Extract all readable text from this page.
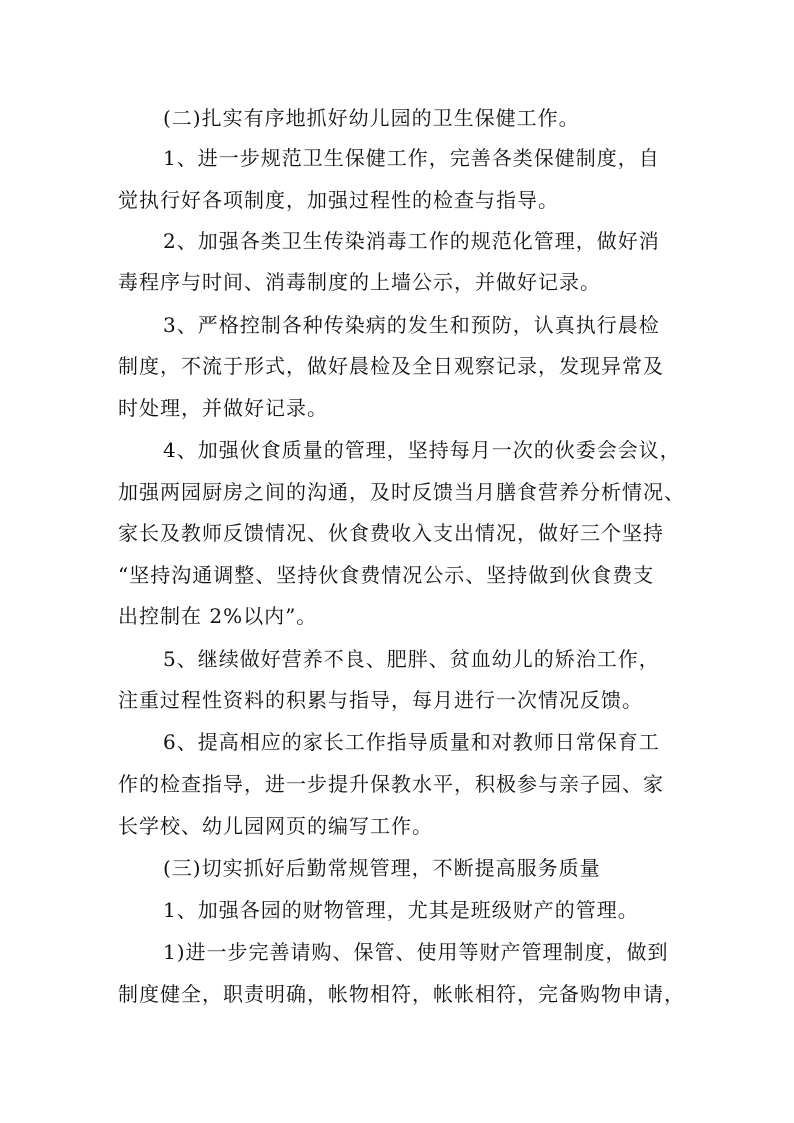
(二)扎实有序地抓好幼儿园的卫生保健工作。
1、进一步规范卫生保健工作，完善各类保健制度，自
觉执行好各项制度，加强过程性的检查与指导。
2、加强各类卫生传染消毒工作的规范化管理，做好消
毒程序与时间、消毒制度的上墙公示，并做好记录。
3、严格控制各种传染病的发生和预防，认真执行晨检
制度，不流于形式，做好晨检及全日观察记录，发现异常及
时处理，并做好记录。
4、加强伙食质量的管理，坚持每月一次的伙委会会议，
加强两园厨房之间的沟通，及时反馈当月膳食营养分析情况、
家长及教师反馈情况、伙食费收入支出情况，做好三个坚持
“坚持沟通调整、坚持伙食费情况公示、坚持做到伙食费支
出控制在 2%以内”。
5、继续做好营养不良、肥胖、贫血幼儿的矫治工作，
注重过程性资料的积累与指导，每月进行一次情况反馈。
6、提高相应的家长工作指导质量和对教师日常保育工
作的检查指导，进一步提升保教水平，积极参与亲子园、家
长学校、幼儿园网页的编写工作。
(三)切实抓好后勤常规管理，不断提高服务质量
1、加强各园的财物管理，尤其是班级财产的管理。
1)进一步完善请购、保管、使用等财产管理制度，做到
制度健全，职责明确，帐物相符，帐帐相符，完备购物申请，
